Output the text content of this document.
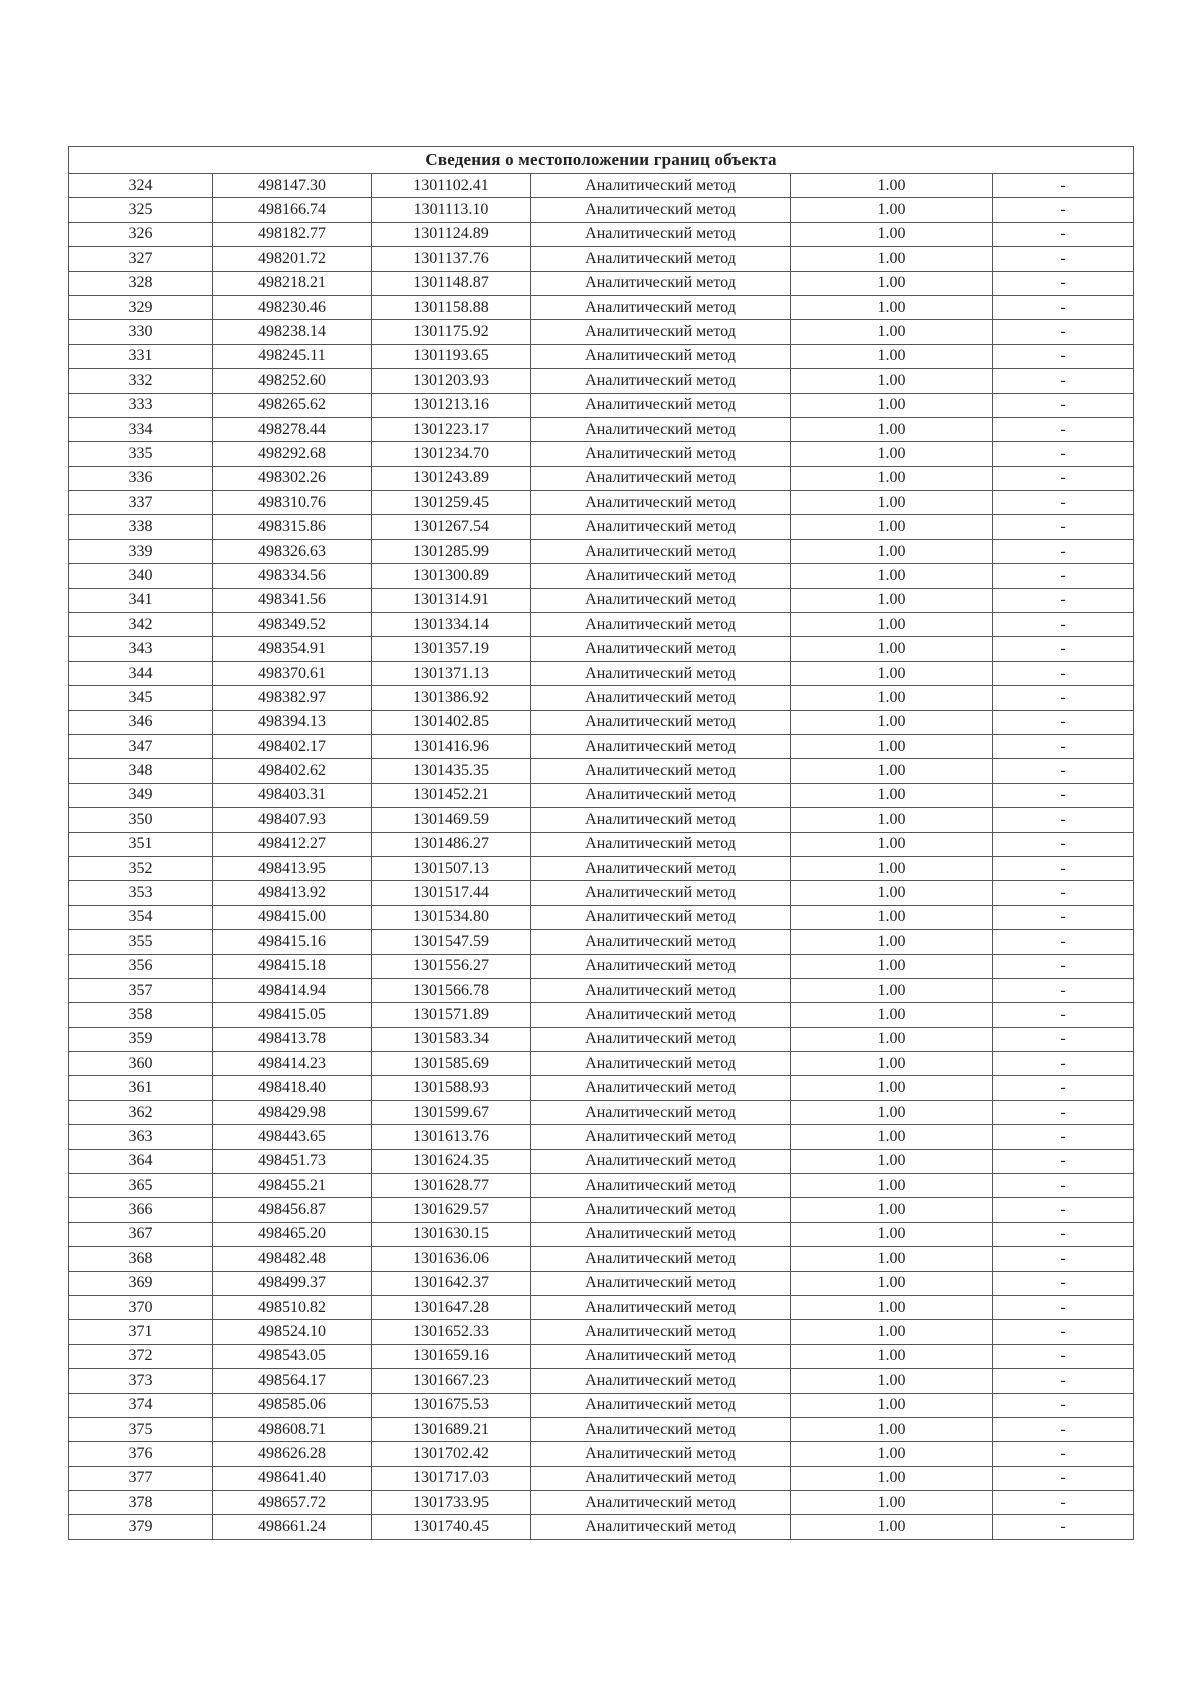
Сведения о местоположении границ объекта					
324	498147.30	1301102.41	Аналитический метод	1.00	-
325	498166.74	1301113.10	Аналитический метод	1.00	-
326	498182.77	1301124.89	Аналитический метод	1.00	-
327	498201.72	1301137.76	Аналитический метод	1.00	-
328	498218.21	1301148.87	Аналитический метод	1.00	-
329	498230.46	1301158.88	Аналитический метод	1.00	-
330	498238.14	1301175.92	Аналитический метод	1.00	-
331	498245.11	1301193.65	Аналитический метод	1.00	-
332	498252.60	1301203.93	Аналитический метод	1.00	-
333	498265.62	1301213.16	Аналитический метод	1.00	-
334	498278.44	1301223.17	Аналитический метод	1.00	-
335	498292.68	1301234.70	Аналитический метод	1.00	-
336	498302.26	1301243.89	Аналитический метод	1.00	-
337	498310.76	1301259.45	Аналитический метод	1.00	-
338	498315.86	1301267.54	Аналитический метод	1.00	-
339	498326.63	1301285.99	Аналитический метод	1.00	-
340	498334.56	1301300.89	Аналитический метод	1.00	-
341	498341.56	1301314.91	Аналитический метод	1.00	-
342	498349.52	1301334.14	Аналитический метод	1.00	-
343	498354.91	1301357.19	Аналитический метод	1.00	-
344	498370.61	1301371.13	Аналитический метод	1.00	-
345	498382.97	1301386.92	Аналитический метод	1.00	-
346	498394.13	1301402.85	Аналитический метод	1.00	-
347	498402.17	1301416.96	Аналитический метод	1.00	-
348	498402.62	1301435.35	Аналитический метод	1.00	-
349	498403.31	1301452.21	Аналитический метод	1.00	-
350	498407.93	1301469.59	Аналитический метод	1.00	-
351	498412.27	1301486.27	Аналитический метод	1.00	-
352	498413.95	1301507.13	Аналитический метод	1.00	-
353	498413.92	1301517.44	Аналитический метод	1.00	-
354	498415.00	1301534.80	Аналитический метод	1.00	-
355	498415.16	1301547.59	Аналитический метод	1.00	-
356	498415.18	1301556.27	Аналитический метод	1.00	-
357	498414.94	1301566.78	Аналитический метод	1.00	-
358	498415.05	1301571.89	Аналитический метод	1.00	-
359	498413.78	1301583.34	Аналитический метод	1.00	-
360	498414.23	1301585.69	Аналитический метод	1.00	-
361	498418.40	1301588.93	Аналитический метод	1.00	-
362	498429.98	1301599.67	Аналитический метод	1.00	-
363	498443.65	1301613.76	Аналитический метод	1.00	-
364	498451.73	1301624.35	Аналитический метод	1.00	-
365	498455.21	1301628.77	Аналитический метод	1.00	-
366	498456.87	1301629.57	Аналитический метод	1.00	-
367	498465.20	1301630.15	Аналитический метод	1.00	-
368	498482.48	1301636.06	Аналитический метод	1.00	-
369	498499.37	1301642.37	Аналитический метод	1.00	-
370	498510.82	1301647.28	Аналитический метод	1.00	-
371	498524.10	1301652.33	Аналитический метод	1.00	-
372	498543.05	1301659.16	Аналитический метод	1.00	-
373	498564.17	1301667.23	Аналитический метод	1.00	-
374	498585.06	1301675.53	Аналитический метод	1.00	-
375	498608.71	1301689.21	Аналитический метод	1.00	-
376	498626.28	1301702.42	Аналитический метод	1.00	-
377	498641.40	1301717.03	Аналитический метод	1.00	-
378	498657.72	1301733.95	Аналитический метод	1.00	-
379	498661.24	1301740.45	Аналитический метод	1.00	-
